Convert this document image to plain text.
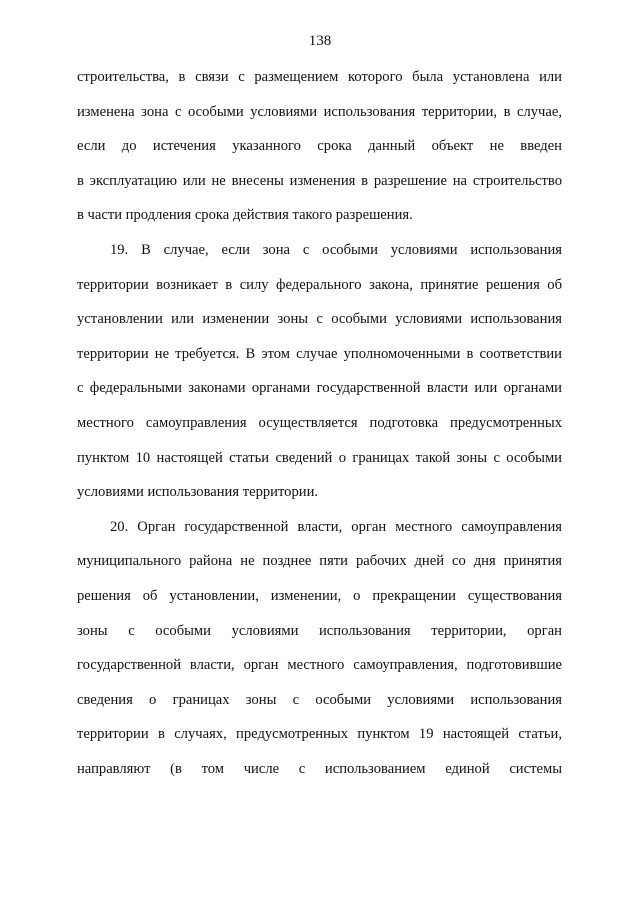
138

строительства, в связи с размещением которого была установлена или
изменена зона с особыми условиями использования территории, в случае,
если до истечения указанного срока данный объект не введен
в эксплуатацию или не внесены изменения в разрешение на строительство
в части продления срока действия такого разрешения.

19. В случае, если зона с особыми условиями использования
территории возникает в силу федерального закона, принятие решения об
установлении или изменении зоны с особыми условиями использования
территории не требуется. В этом случае уполномоченными в соответствии
с федеральными законами органами государственной власти или органами
местного самоуправления осуществляется подготовка предусмотренных
пунктом 10 настоящей статьи сведений о границах такой зоны с особыми
условиями использования территории.

20. Орган государственной власти, орган местного самоуправления
муниципального района не позднее пяти рабочих дней со дня принятия
решения об установлении, изменении, о прекращении существования
зоны с особыми условиями использования территории, орган
государственной власти, орган местного самоуправления, подготовившие
сведения о границах зоны с особыми условиями использования
территории в случаях, предусмотренных пунктом 19 настоящей статьи,
направляют (в том числе с использованием единой системы
